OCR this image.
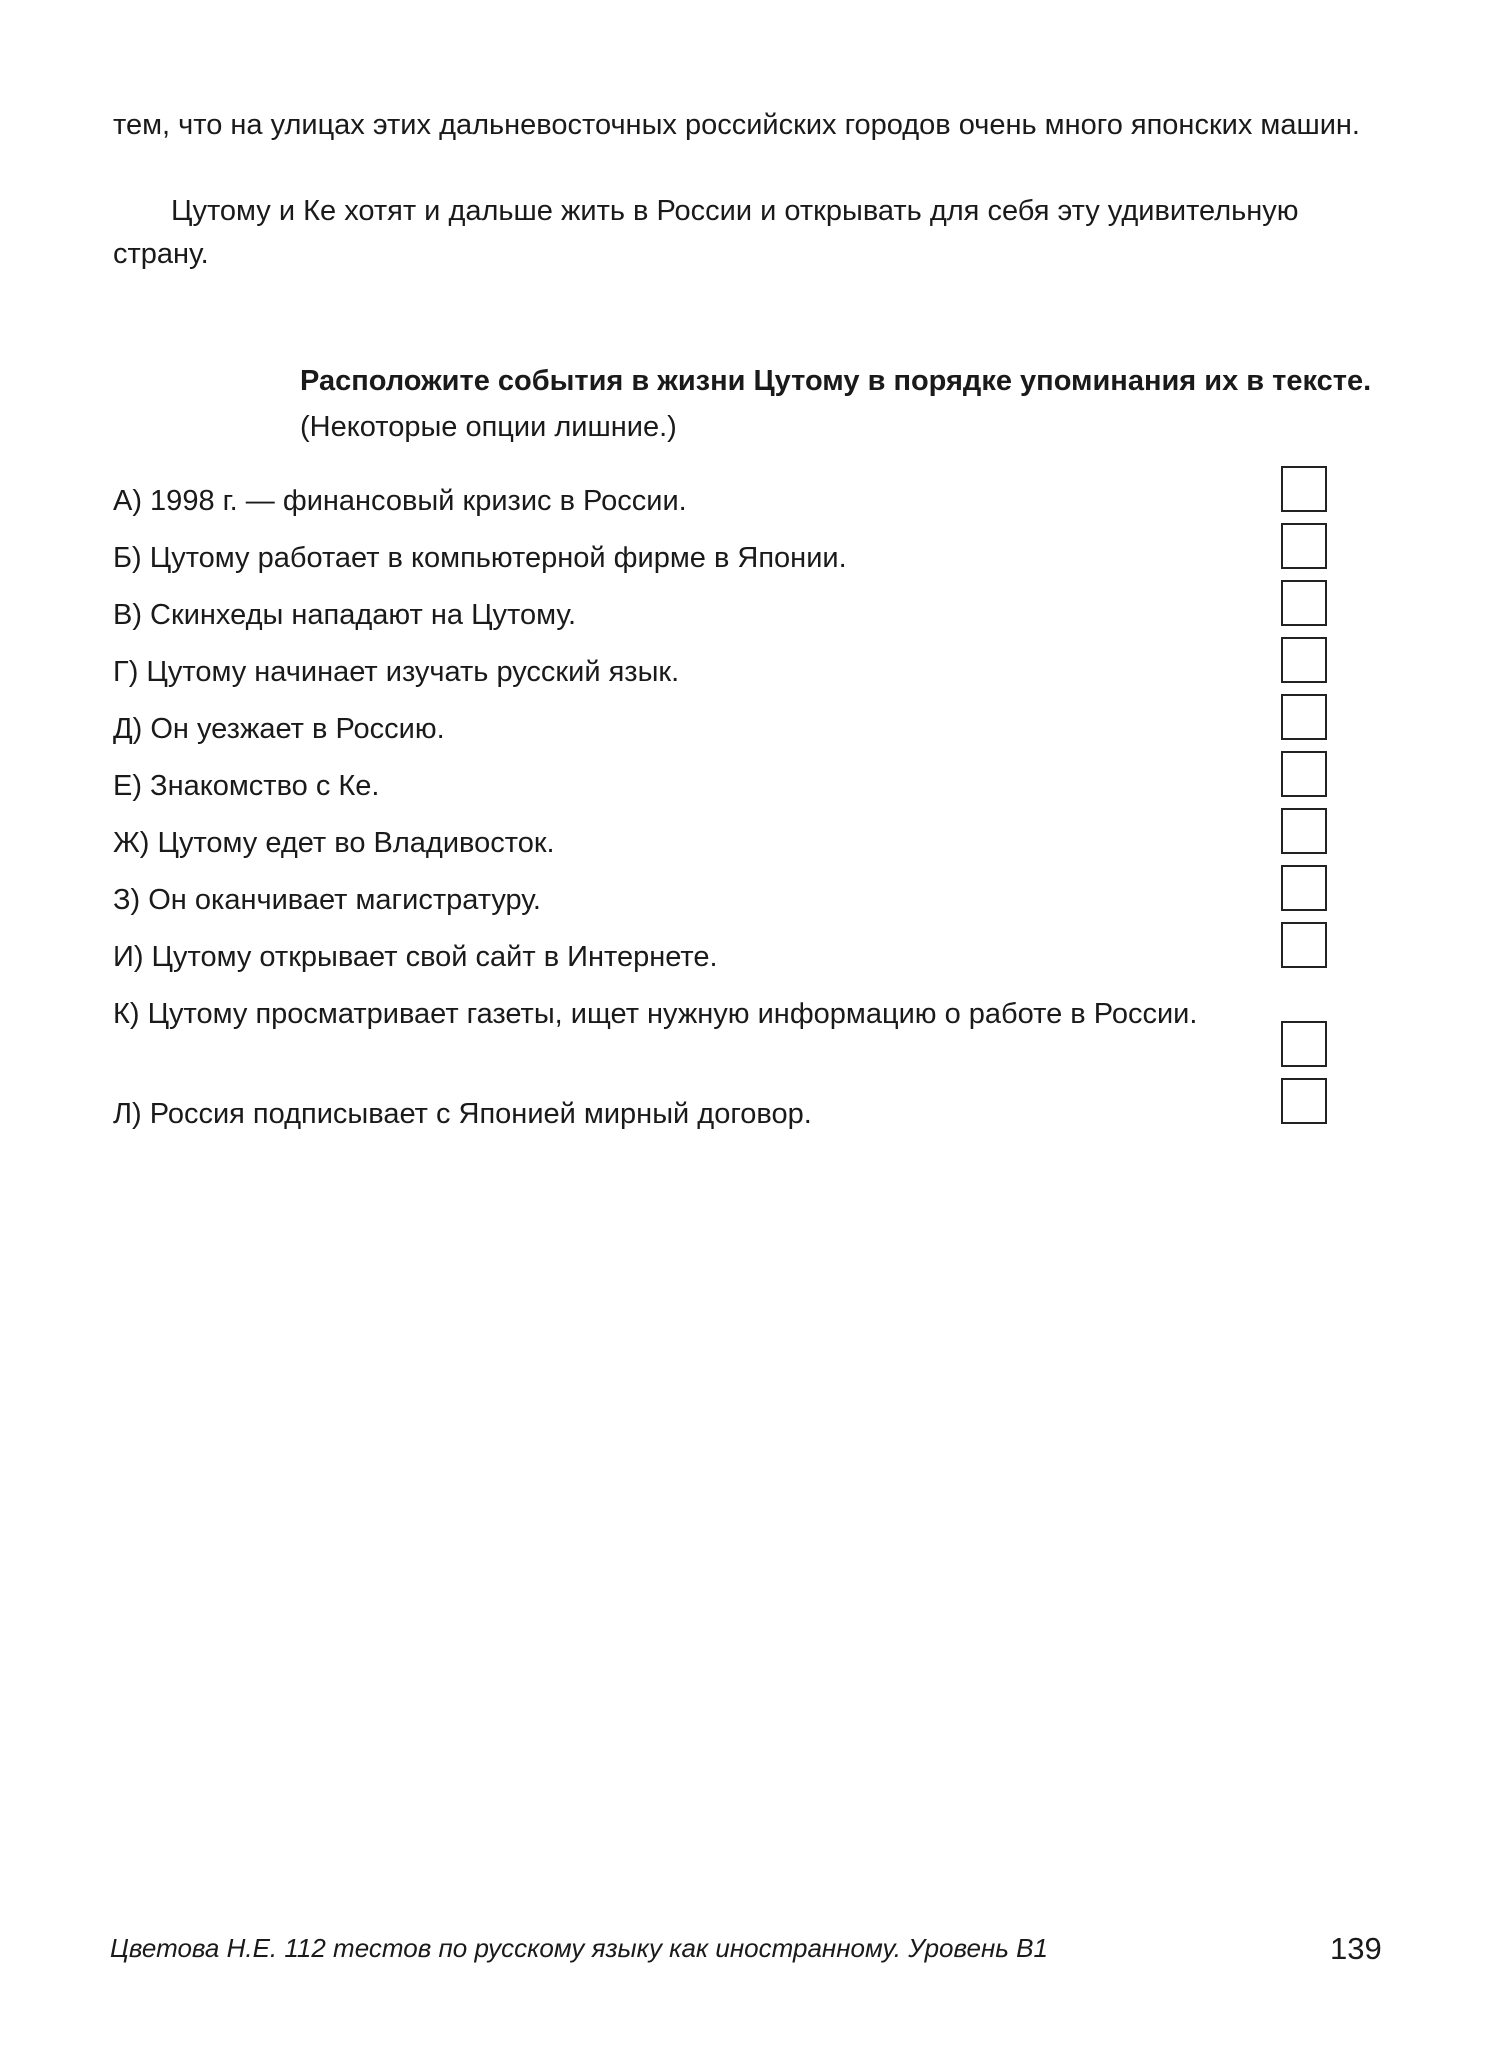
тем, что на улицах этих дальневосточных российских городов очень много японских машин.

Цутому и Ке хотят и дальше жить в России и открывать для себя эту удивительную страну.

Расположите события в жизни Цутому в порядке упоминания их в тексте. (Некоторые опции лишние.)

А) 1998 г. — финансовый кризис в России.
Б) Цутому работает в компьютерной фирме в Японии.
В) Скинхеды нападают на Цутому.
Г) Цутому начинает изучать русский язык.
Д) Он уезжает в Россию.
Е) Знакомство с Ке.
Ж) Цутому едет во Владивосток.
З) Он оканчивает магистратуру.
И) Цутому открывает свой сайт в Интернете.
К) Цутому просматривает газеты, ищет нужную информацию о работе в России.
Л) Россия подписывает с Японией мирный договор.
Цветова Н.Е. 112 тестов по русскому языку как иностранному. Уровень В1	139
